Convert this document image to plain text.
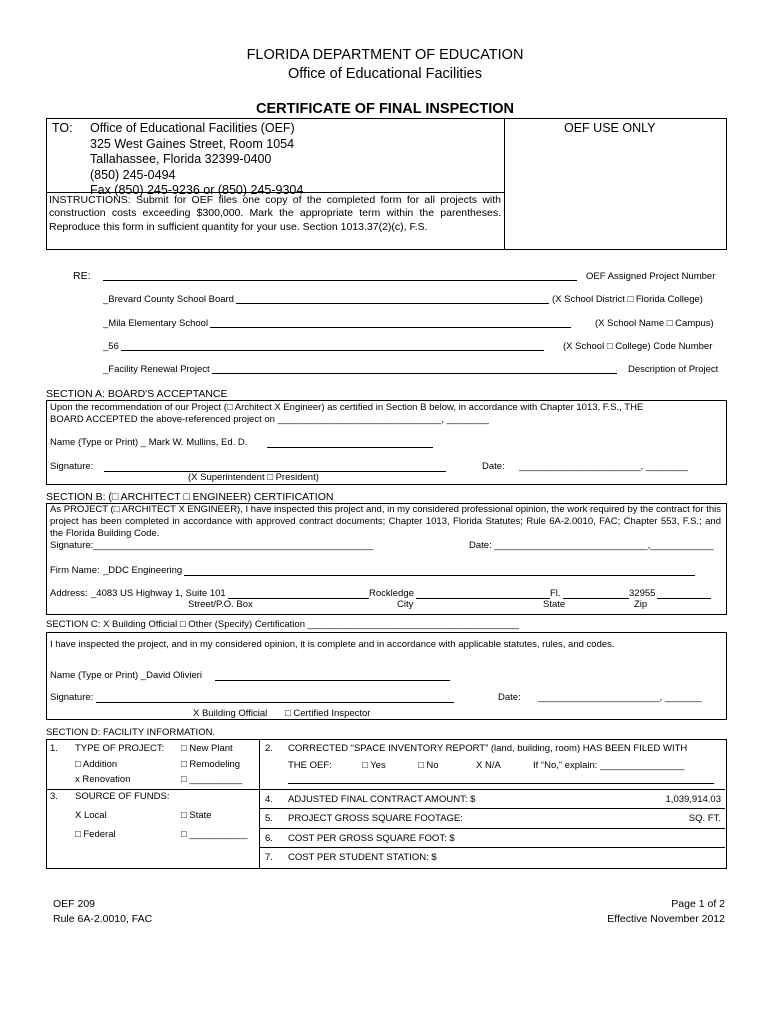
FLORIDA DEPARTMENT OF EDUCATION
Office of Educational Facilities
CERTIFICATE OF FINAL INSPECTION
TO: Office of Educational Facilities (OEF)
325 West Gaines Street, Room 1054
Tallahassee, Florida 32399-0400
(850) 245-0494
Fax (850) 245-9236 or (850) 245-9304
OEF USE ONLY
INSTRUCTIONS: Submit for OEF files one copy of the completed form for all projects with construction costs exceeding $300,000. Mark the appropriate term within the parentheses. Reproduce this form in sufficient quantity for your use. Section 1013.37(2)(c), F.S.
RE:	OEF Assigned Project Number
_Brevard County School Board	(X School District □ Florida College)
_Mila Elementary School	(X School Name □ Campus)
_56	(X School □ College) Code Number
_Facility Renewal Project	Description of Project
SECTION A: BOARD'S ACCEPTANCE
Upon the recommendation of our Project (□ Architect X Engineer) as certified in Section B below, in accordance with Chapter 1013, F.S., THE
BOARD ACCEPTED the above-referenced project on _______________________________, ________
Name (Type or Print) _ Mark W. Mullins, Ed. D.
Signature:	Date: _______________________, ________
(X Superintendent □ President)
SECTION B: (□ ARCHITECT □ ENGINEER) CERTIFICATION
As PROJECT (□ ARCHITECT X ENGINEER), I have inspected this project and, in my considered professional opinion, the work required by the contract for this project has been completed in accordance with approved contract documents; Chapter 1013, Florida Statutes; Rule 6A-2.0010, FAC; Chapter 553, F.S.; and the Florida Building Code.
Signature:_____________________________________________________	Date: _____________________________,____________
Firm Name: _DDC Engineering
Address: _4083 US Highway 1, Suite 101	Rockledge	Fl.	32955
Street/P.O. Box	City	State	Zip
SECTION C: X Building Official □ Other (Specify) Certification ________________________________________
I have inspected the project, and in my considered opinion, it is complete and in accordance with applicable statutes, rules, and codes.
Name (Type or Print) _David Olivieri
Signature:	Date: _______________________, _______
X Building Official □ Certified Inspector
SECTION D: FACILITY INFORMATION.
1. TYPE OF PROJECT: □ New Plant
□ Addition	□ Remodeling
x Renovation	□ __________
3. SOURCE OF FUNDS:
X Local	□ State
□ Federal	□ ___________
2. CORRECTED “SPACE INVENTORY REPORT” (land, building, room) HAS BEEN FILED WITH
THE OEF:	□ Yes	□ No	X N/A	If “No,” explain: ________________
4. ADJUSTED FINAL CONTRACT AMOUNT: $	1,039,914.03
5. PROJECT GROSS SQUARE FOOTAGE:	SQ. FT.
6. COST PER GROSS SQUARE FOOT: $
7. COST PER STUDENT STATION: $
OEF 209
Rule 6A-2.0010, FAC
Page 1 of 2
Effective November 2012
